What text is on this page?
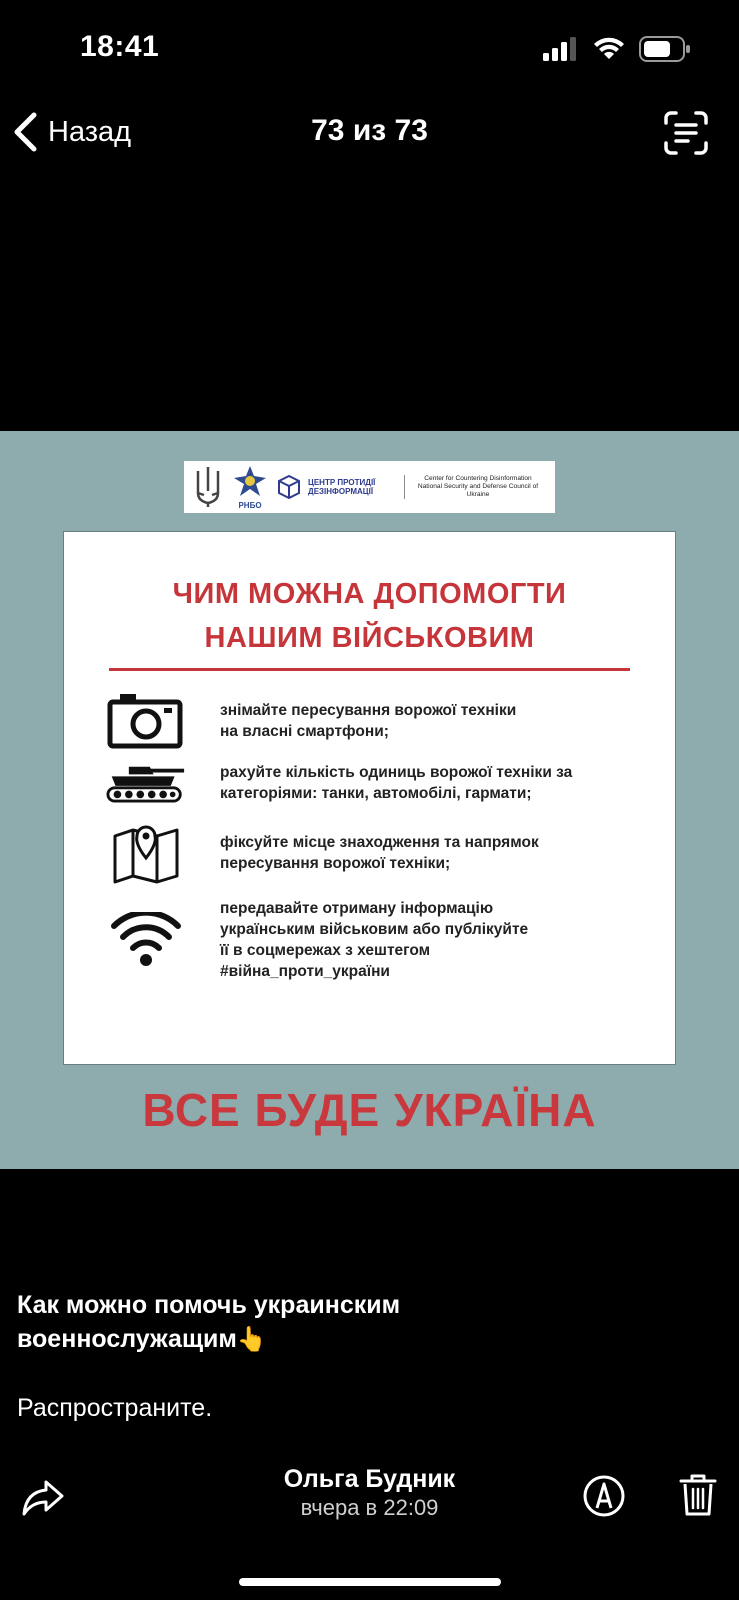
18:41
Назад	73 из 73
РНБО
ЦЕНТР ПРОТИДІЇ
ДЕЗІНФОРМАЦІЇ
Center for Countering Disinformation
National Security and Defense Council of
Ukraine
ЧИМ МОЖНА ДОПОМОГТИ
НАШИМ ВІЙСЬКОВИМ
знімайте пересування ворожої техніки
на власні смартфони;
рахуйте кількість одиниць ворожої техніки за
категоріями: танки, автомобілі, гармати;
фіксуйте місце знаходження та напрямок
пересування ворожої техніки;
передавайте отриману інформацію
українським військовим або публікуйте
її в соцмережах з хештегом
#війна_проти_україни
ВСЕ БУДЕ УКРАЇНА
Как можно помочь украинским
военнослужащим👆
Распространите.
Ольга Будник
вчера в 22:09
